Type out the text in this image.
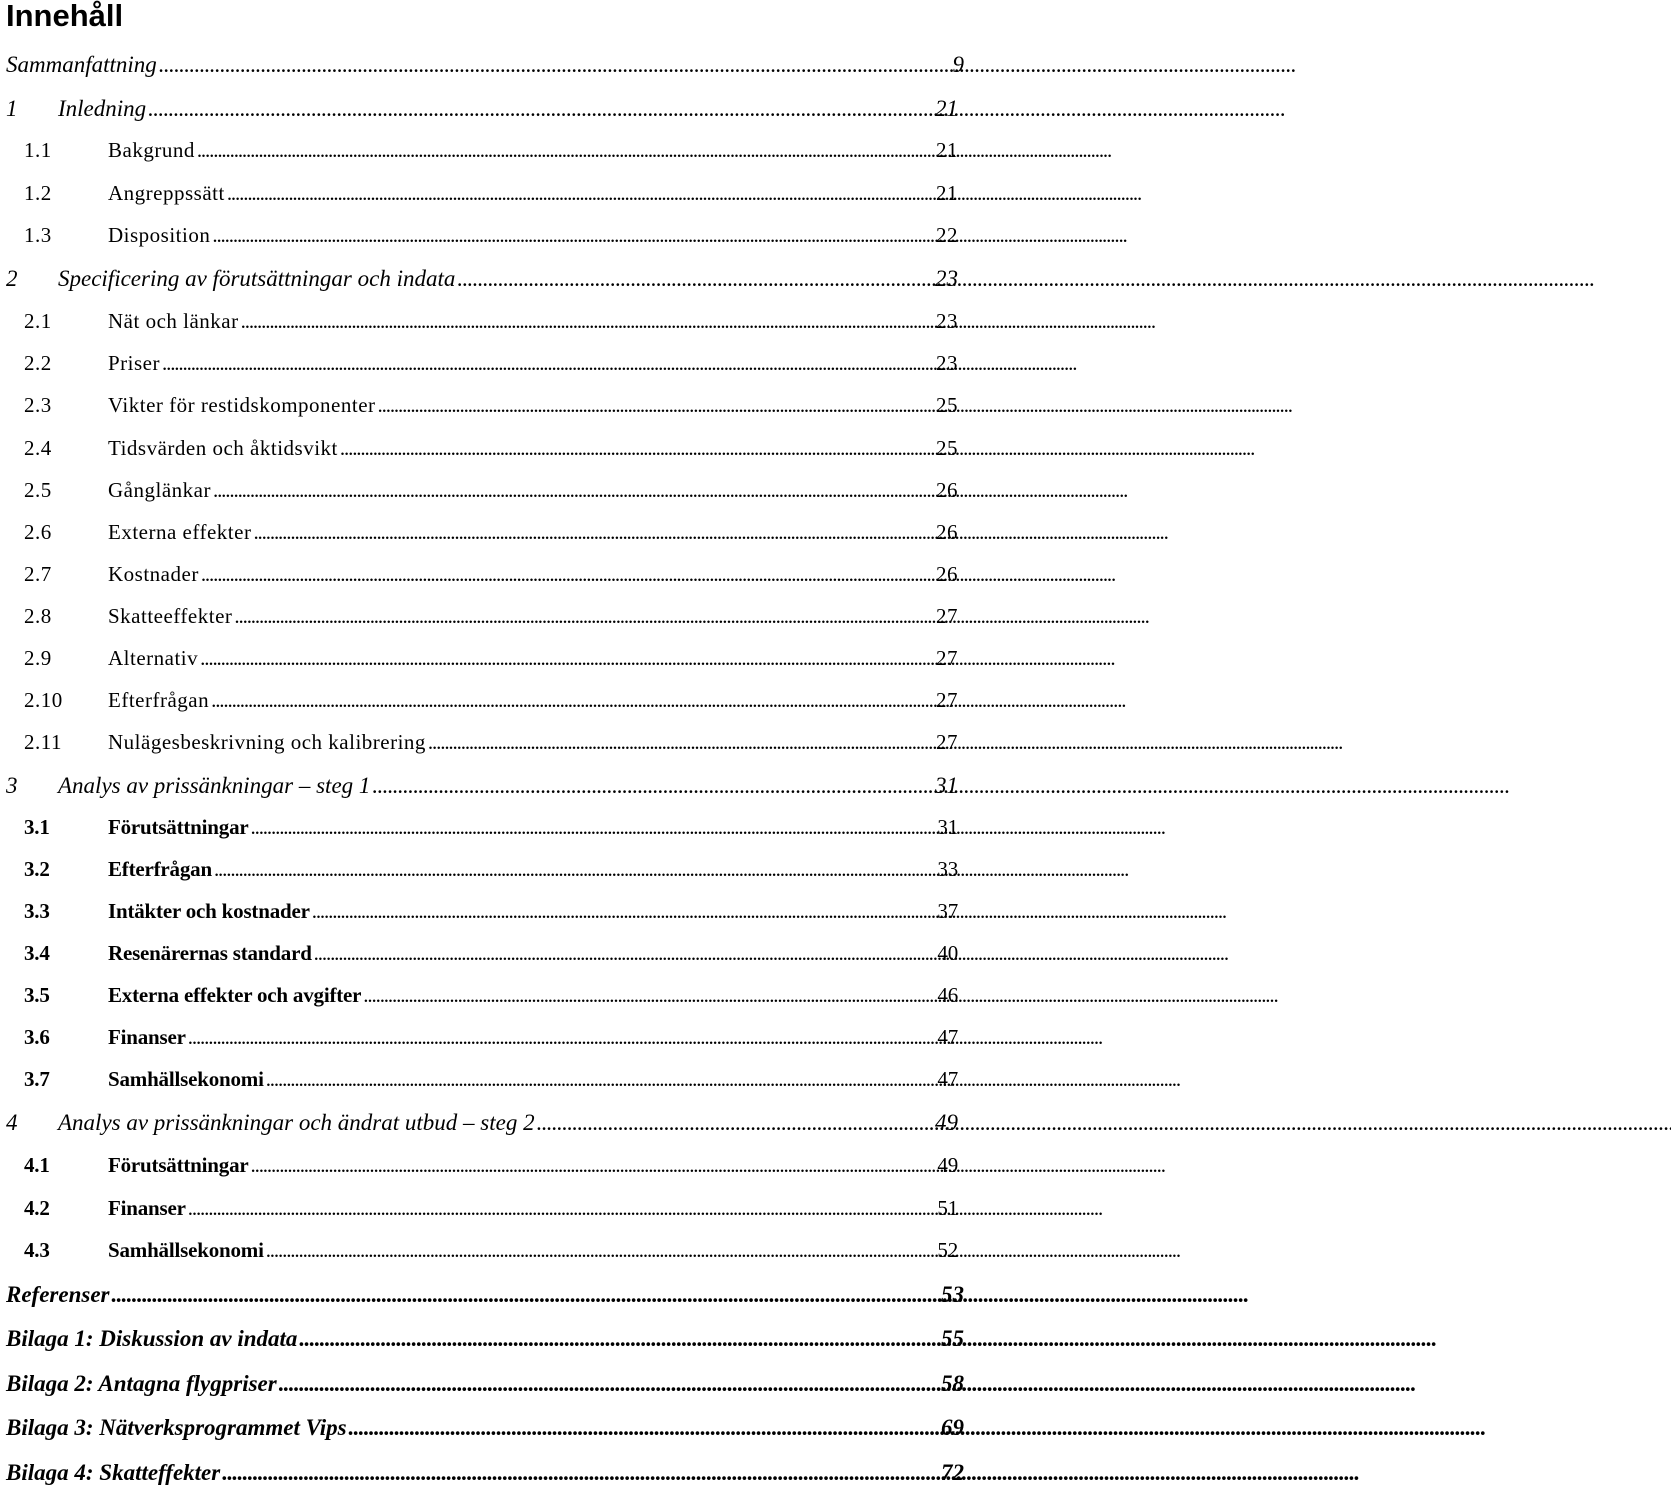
Innehåll
Sammanfattning . . .	9
1	Inledning . . .	21
1.1	Bakgrund . . .	21
1.2	Angreppssätt . . .	21
1.3	Disposition . . .	22
2	Specificering av förutsättningar och indata . . .	23
2.1	Nät och länkar . . .	23
2.2	Priser . . .	23
2.3	Vikter för restidskomponenter . . .	25
2.4	Tidsvärden och åktidsvikt . . .	25
2.5	Gånglänkar . . .	26
2.6	Externa effekter . . .	26
2.7	Kostnader . . .	26
2.8	Skatteeffekter . . .	27
2.9	Alternativ . . .	27
2.10	Efterfrågan . . .	27
2.11	Nulägesbeskrivning och kalibrering . . .	27
3	Analys av prissänkningar – steg 1 . . .	31
3.1	Förutsättningar . . .	31
3.2	Efterfrågan . . .	33
3.3	Intäkter och kostnader . . .	37
3.4	Resenärernas standard . . .	40
3.5	Externa effekter och avgifter . . .	46
3.6	Finanser . . .	47
3.7	Samhällsekonomi . . .	47
4	Analys av prissänkningar och ändrat utbud – steg 2 . . .	49
4.1	Förutsättningar . . .	49
4.2	Finanser . . .	51
4.3	Samhällsekonomi . . .	52
Referenser . . .	53
Bilaga 1: Diskussion av indata . . .	55
Bilaga 2: Antagna flygpriser . . .	58
Bilaga 3: Nätverksprogrammet Vips . . .	69
Bilaga 4: Skatteffekter . . .	72
